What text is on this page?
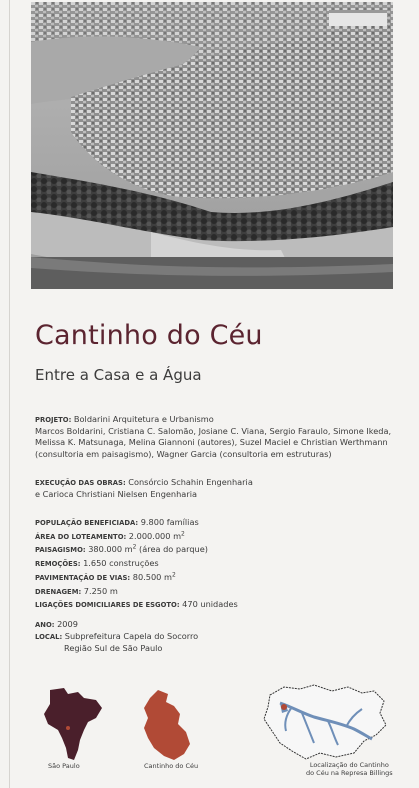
Cantinho do Céu
Entre a Casa e a Água
PROJETO: Boldarini Arquitetura e Urbanismo
Marcos Boldarini, Cristiana C. Salomão, Josiane C. Viana, Sergio Faraulo, Simone Ikeda,
Melissa K. Matsunaga, Melina Giannoni (autores), Suzel Maciel e Christian Werthmann
(consultoria em paisagismo), Wagner Garcia (consultoria em estruturas)
EXECUÇÃO DAS OBRAS: Consórcio Schahin Engenharia
e Carioca Christiani Nielsen Engenharia
POPULAÇÃO BENEFICIADA: 9.800 famílias
ÁREA DO LOTEAMENTO: 2.000.000 $m^2$
PAISAGISMO: 380.000 $m^2$ (área do parque)
REMOÇÕES: 1.650 construções
PAVIMENTAÇÃO DE VIAS: 80.500 $m^2$
DRENAGEM: 7.250 m
LIGAÇÕES DOMICILIARES DE ESGOTO: 470 unidades
ANO: 2009
LOCAL: Subprefeitura Capela do Socorro
Região Sul de São Paulo
São Paulo	Cantinho do Céu	Localização do Cantinho
do Céu na Represa Billings
